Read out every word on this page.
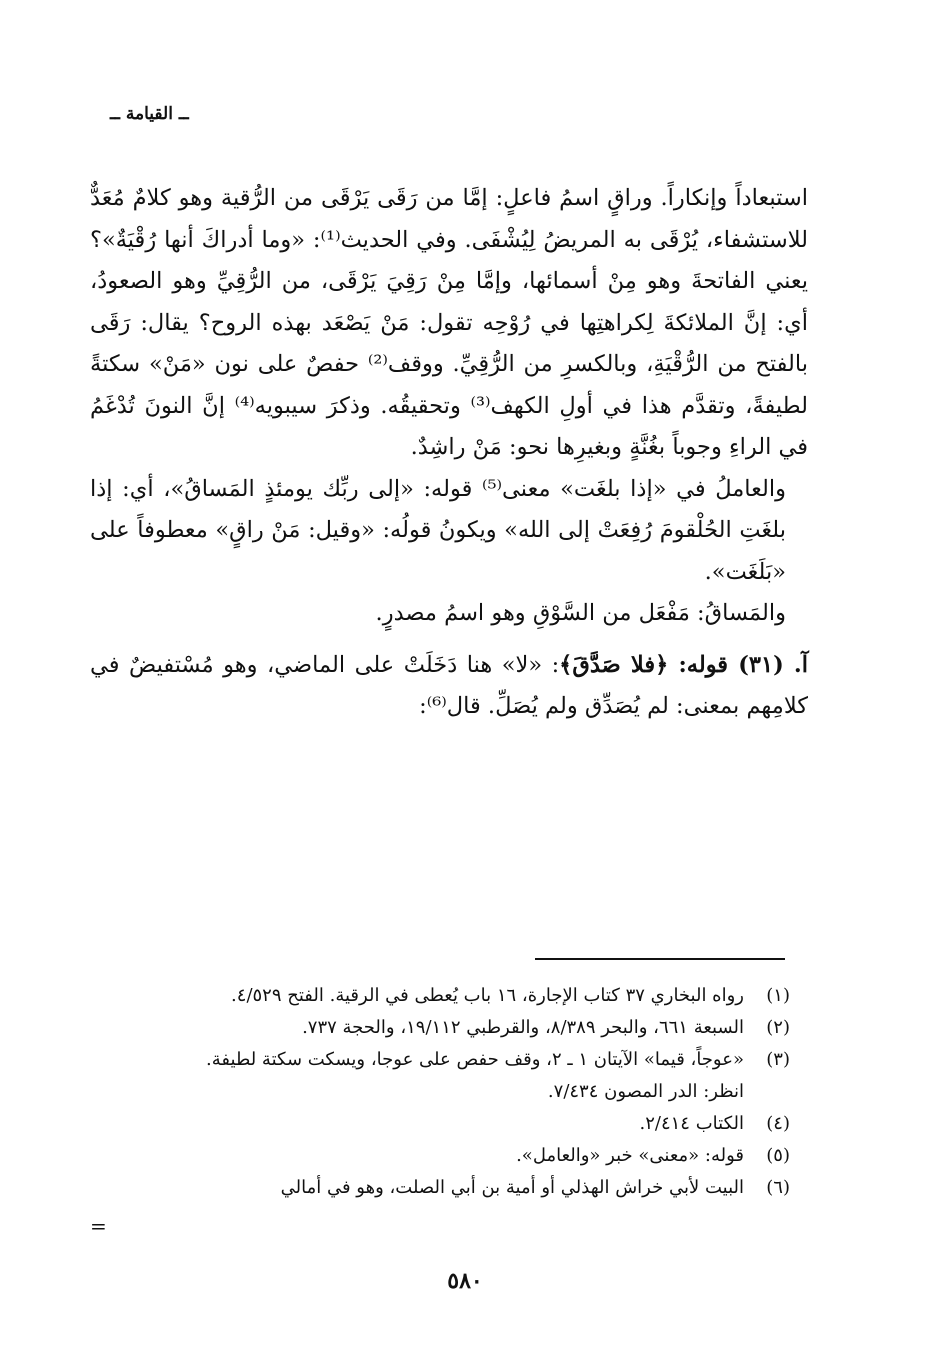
ــ القيامة ــ

استبعاداً وإنكاراً. وراقٍ اسمُ فاعلٍ: إمَّا من رَقَى يَرْقَى من الرُّقية وهو كلامٌ مُعَدٌّ للاستشفاء، يُرْقَى به المريضُ لِيُشْفَى. وفي الحديث⁽¹⁾: «وما أدراكَ أنها رُقْيَةٌ»؟ يعني الفاتحةَ وهو مِنْ أسمائها، وإمَّا مِنْ رَقِيَ يَرْقَى، من الرُّقِيِّ وهو الصعودُ، أي: إنَّ الملائكةَ لِكراهتِها في رُوْحِه تقول: مَنْ يَصْعَد بهذه الروح؟ يقال: رَقَى بالفتح من الرُّقْيَةِ، وبالكسرِ من الرُّقِيِّ. ووقف⁽²⁾ حفصٌ على نون «مَنْ» سكتةً لطيفةً، وتقدَّم هذا في أولِ الكهف⁽³⁾ وتحقيقُه. وذكرَ سيبويه⁽⁴⁾ إنَّ النونَ تُدْغَمُ في الراءِ وجوباً بغُنَّةٍ وبغيرِها نحو: مَنْ راشِدٌ.

والعاملُ في «إذا بلغَت» معنى⁽⁵⁾ قوله: «إلى ربِّك يومئذٍ المَساقُ»، أي: إذا بلغَتِ الحُلْقومَ رُفِعَتْ إلى الله» ويكونُ قولُه: «وقيل: مَنْ راقٍ» معطوفاً على «بَلَغَت».

والمَساقُ: مَفْعَل من السَّوْقِ وهو اسمُ مصدرٍ.

آ. (٣١) قوله: ﴿فلا صَدَّقَ﴾: «لا» هنا دَخَلَتْ على الماضي، وهو مُسْتفيضٌ في كلامِهم بمعنى: لم يُصَدِّق ولم يُصَلِّ. قال⁽⁶⁾:

(١)
رواه البخاري ٣٧ كتاب الإجارة، ١٦ باب يُعطى في الرقية. الفتح ٤/٥٢٩.
(٢)
السبعة ٦٦١، والبحر ٨/٣٨٩، والقرطبي ١٩/١١٢، والحجة ٧٣٧.
(٣)
«عوجاً، قيما» الآيتان ١ ـ ٢، وقف حفص على عوجا، ويسكت سكتة لطيفة.
انظر: الدر المصون ٧/٤٣٤.
(٤)
الكتاب ٢/٤١٤.
(٥)
قوله: «معنى» خبر «والعامل».
(٦)
البيت لأبي خراش الهذلي أو أمية بن أبي الصلت، وهو في أمالي
=
٥٨٠
